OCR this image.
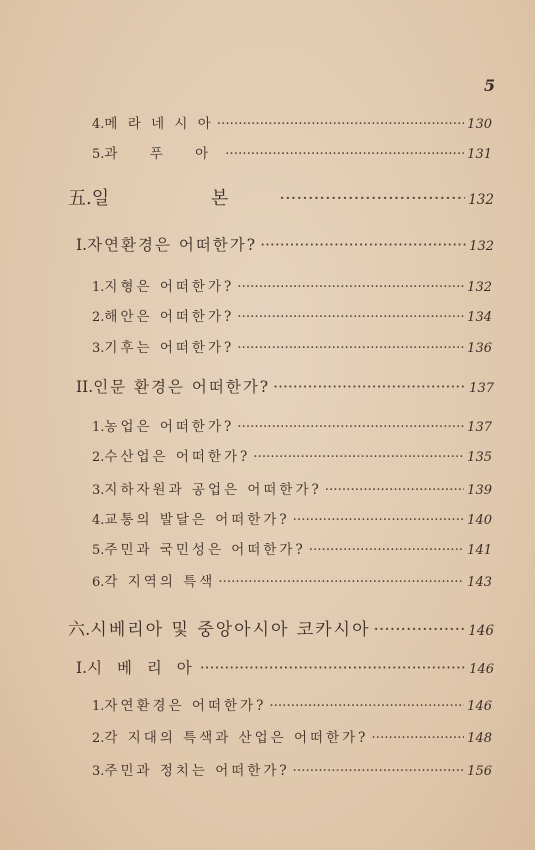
5
4. 메 라 네 시 아 ·····	130
5. 과 푸 아 ·····	131
五. 일 본 ·····	132
I. 자연환경은 어떠한가? ·····	132
1. 지형은 어떠한가? ·····	132
2. 해안은 어떠한가? ·····	134
3. 기후는 어떠한가? ·····	136
II. 인문 환경은 어떠한가? ·····	137
1. 농업은 어떠한가? ·····	137
2. 수산업은 어떠한가? ·····	135
3. 지하자원과 공업은 어떠한가? ·····	139
4. 교통의 발달은 어떠한가? ·····	140
5. 주민과 국민성은 어떠한가? ·····	141
6. 각 지역의 특색 ·····	143
六. 시베리아 및 중앙아시아 코카시아 ·····	146
I. 시 베 리 아 ·····	146
1. 자연환경은 어떠한가? ·····	146
2. 각 지대의 특색과 산업은 어떠한가? ·····	148
3. 주민과 정치는 어떠한가? ·····	156
